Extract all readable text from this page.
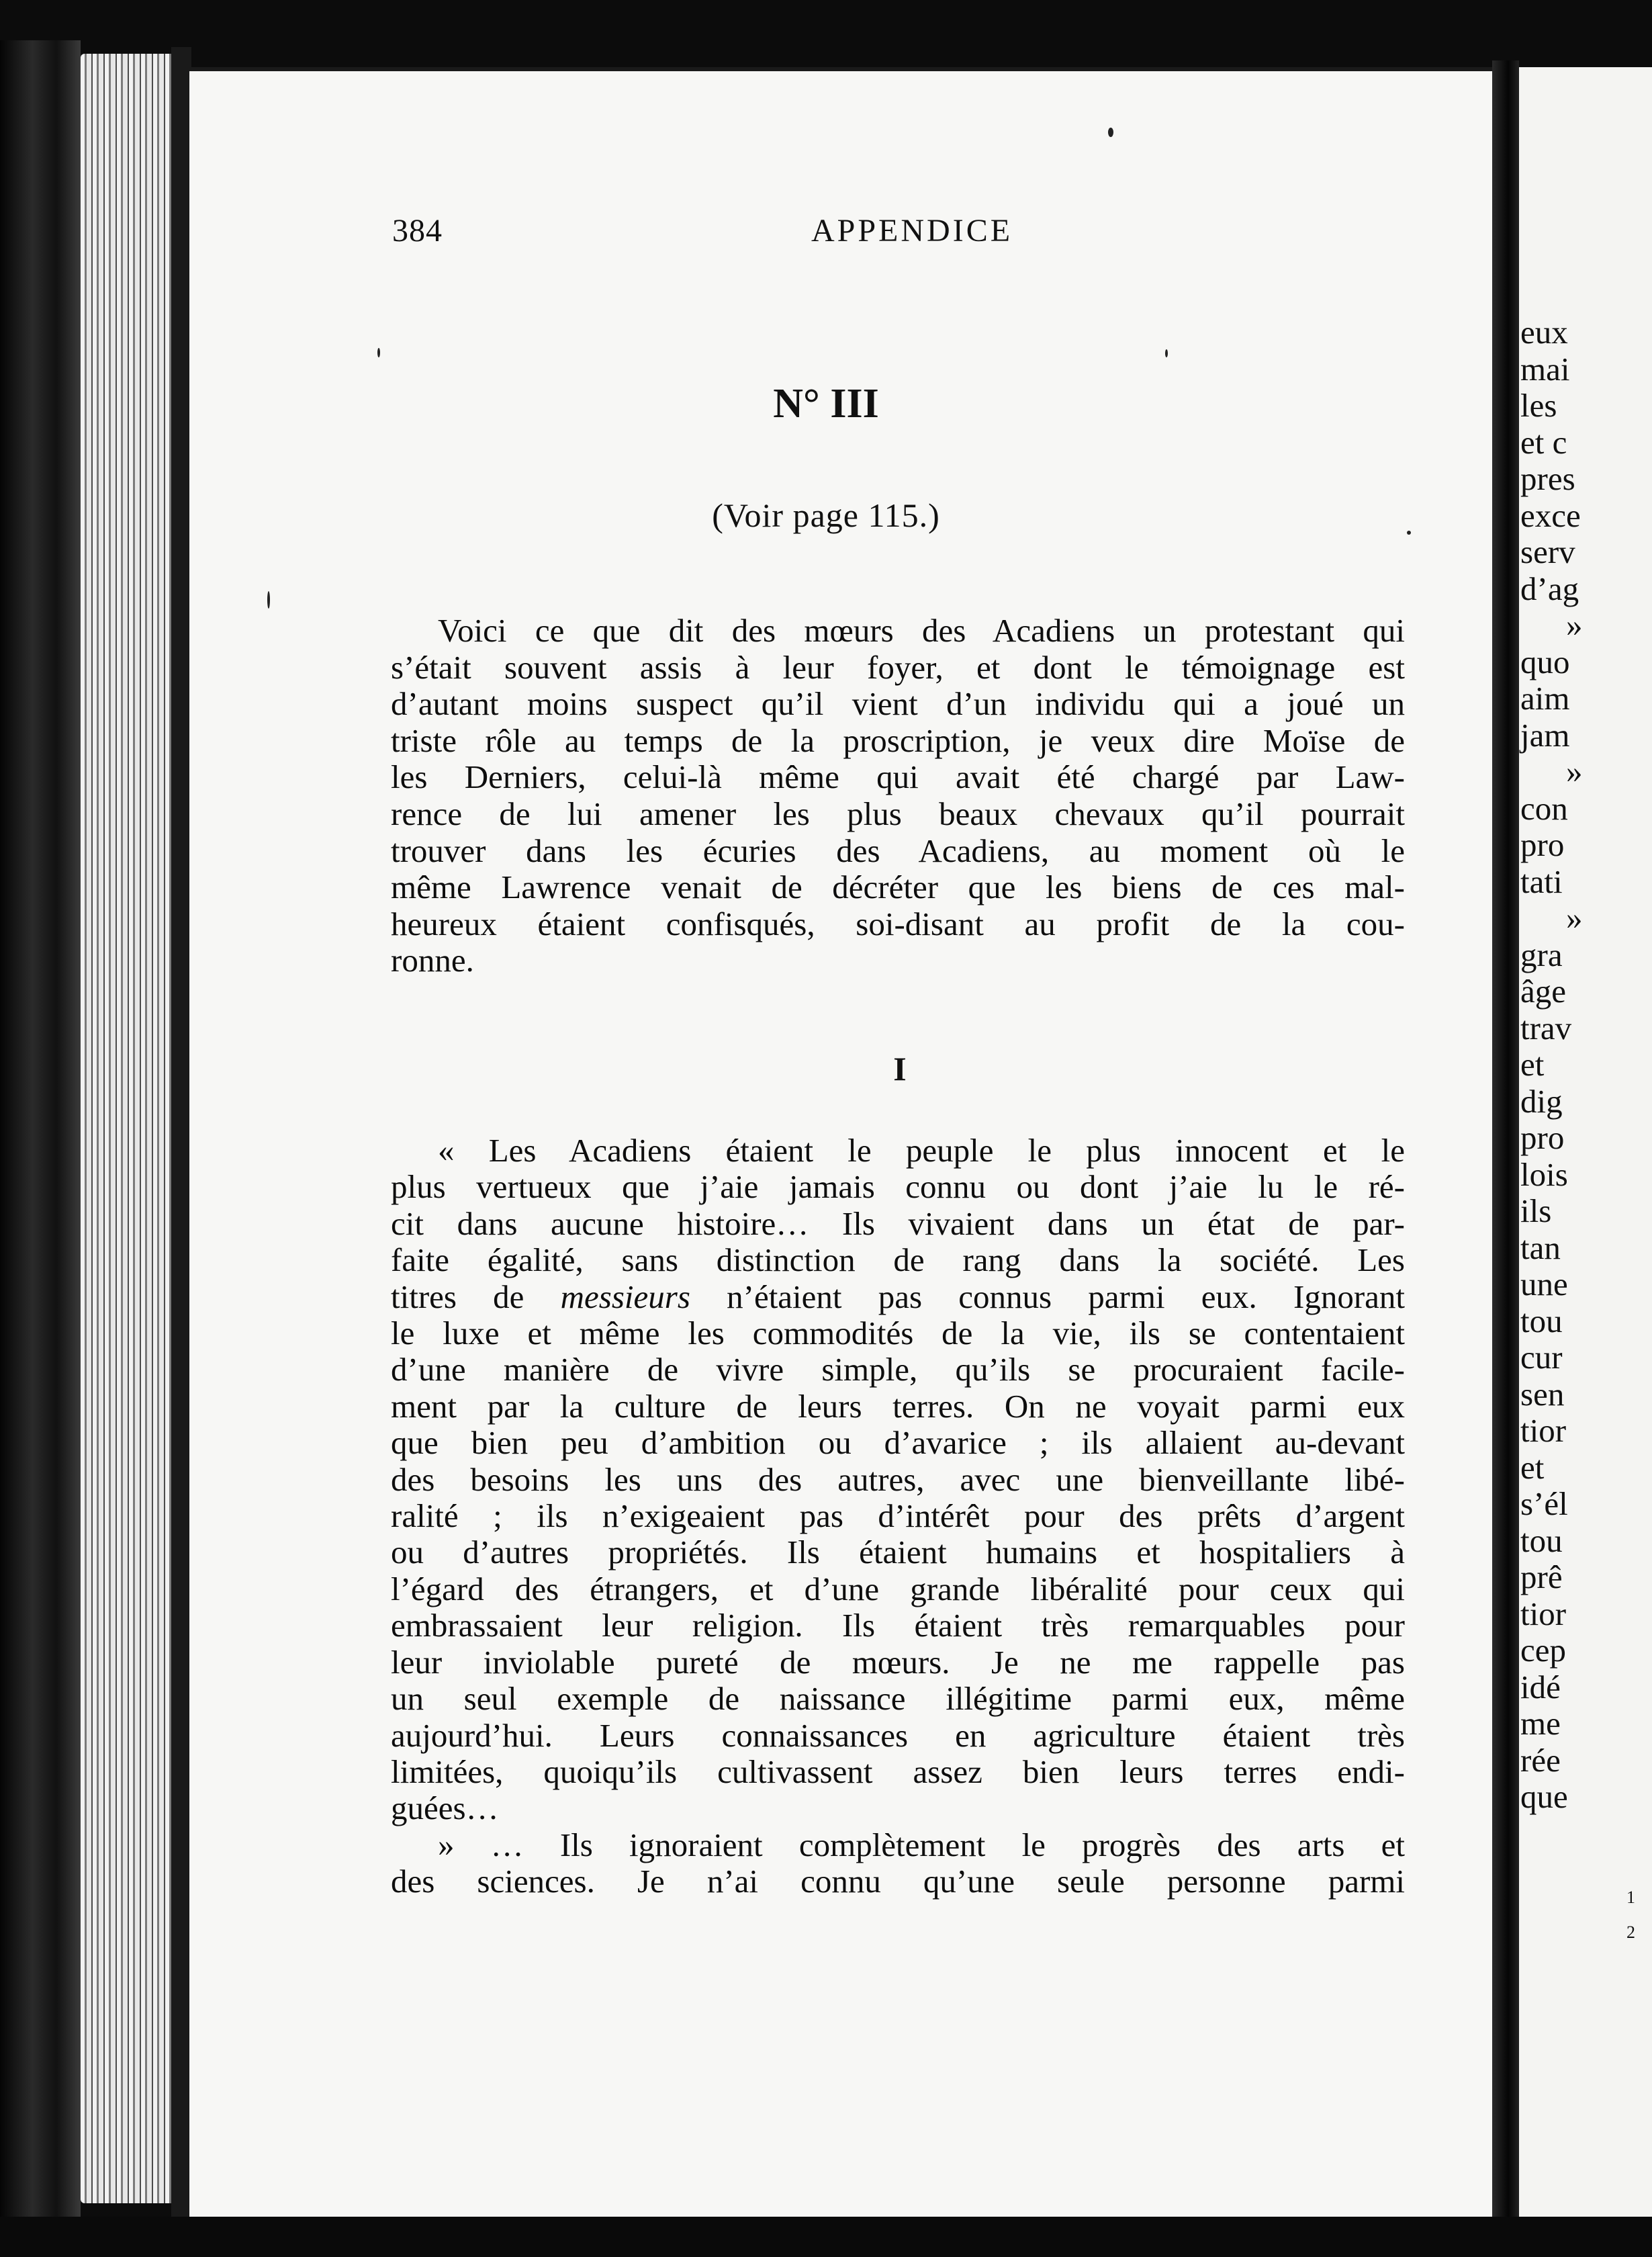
eux
mai
les
et c
pres
exce
serv
d’ag
»
quo
aim
jam
»
con
pro
tati
»
gra
âge
trav
et
dig
pro
lois
ils
tan
une
tou
cur
sen
tior
et
s’él
tou
prê
tior
cep
idé
me
rée
que
1
2
384	APPENDICE
N° III
(Voir page 115.)

Voici ce que dit des mœurs des Acadiens un protestant qui
s’était souvent assis à leur foyer, et dont le témoignage est
d’autant moins suspect qu’il vient d’un individu qui a joué un
triste rôle au temps de la proscription, je veux dire Moïse de
les Derniers, celui-là même qui avait été chargé par Law-
rence de lui amener les plus beaux chevaux qu’il pourrait
trouver dans les écuries des Acadiens, au moment où le
même Lawrence venait de décréter que les biens de ces mal-
heureux étaient confisqués, soi-disant au profit de la cou-
ronne.

I

« Les Acadiens étaient le peuple le plus innocent et le
plus vertueux que j’aie jamais connu ou dont j’aie lu le ré-
cit dans aucune histoire… Ils vivaient dans un état de par-
faite égalité, sans distinction de rang dans la société. Les
titres de messieurs n’étaient pas connus parmi eux. Ignorant
le luxe et même les commodités de la vie, ils se contentaient
d’une manière de vivre simple, qu’ils se procuraient facile-
ment par la culture de leurs terres. On ne voyait parmi eux
que bien peu d’ambition ou d’avarice ; ils allaient au-devant
des besoins les uns des autres, avec une bienveillante libé-
ralité ; ils n’exigeaient pas d’intérêt pour des prêts d’argent
ou d’autres propriétés. Ils étaient humains et hospitaliers à
l’égard des étrangers, et d’une grande libéralité pour ceux qui
embrassaient leur religion. Ils étaient très remarquables pour
leur inviolable pureté de mœurs. Je ne me rappelle pas
un seul exemple de naissance illégitime parmi eux, même
aujourd’hui. Leurs connaissances en agriculture étaient très
limitées, quoiqu’ils cultivassent assez bien leurs terres endi-
guées…
» … Ils ignoraient complètement le progrès des arts et
des sciences. Je n’ai connu qu’une seule personne parmi
